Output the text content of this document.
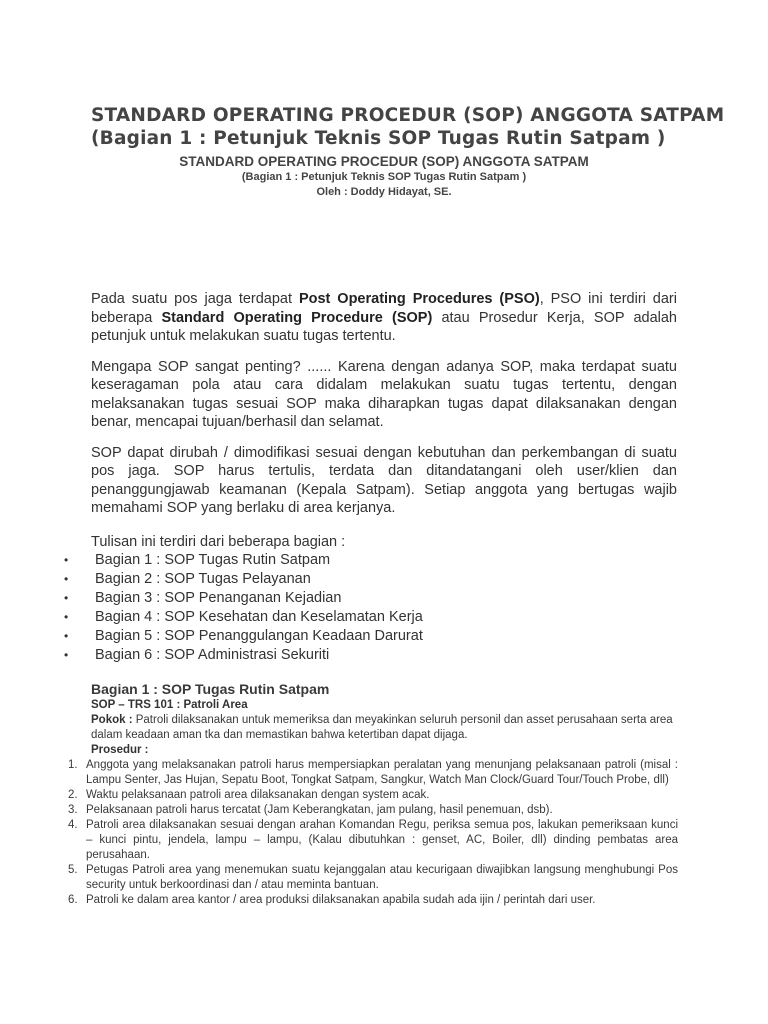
STANDARD OPERATING PROCEDUR (SOP) ANGGOTA SATPAM
(Bagian 1 : Petunjuk Teknis SOP Tugas Rutin Satpam )
STANDARD OPERATING PROCEDUR (SOP) ANGGOTA SATPAM
(Bagian 1 : Petunjuk Teknis SOP Tugas Rutin Satpam )
Oleh : Doddy Hidayat, SE.

Pada suatu pos jaga terdapat Post Operating Procedures (PSO), PSO ini terdiri dari beberapa Standard Operating Procedure (SOP) atau Prosedur Kerja, SOP adalah petunjuk untuk melakukan suatu tugas tertentu.

Mengapa SOP sangat penting? ...... Karena dengan adanya SOP, maka terdapat suatu keseragaman pola atau cara didalam melakukan suatu tugas tertentu, dengan melaksanakan tugas sesuai SOP maka diharapkan tugas dapat dilaksanakan dengan benar, mencapai tujuan/berhasil dan selamat.

SOP dapat dirubah / dimodifikasi sesuai dengan kebutuhan dan perkembangan di suatu pos jaga. SOP harus tertulis, terdata dan ditandatangani oleh user/klien dan penanggungjawab keamanan (Kepala Satpam). Setiap anggota yang bertugas wajib memahami SOP yang berlaku di area kerjanya.

Tulisan ini terdiri dari beberapa bagian :
• Bagian 1 : SOP Tugas Rutin Satpam
• Bagian 2 : SOP Tugas Pelayanan
• Bagian 3 : SOP Penanganan Kejadian
• Bagian 4 : SOP Kesehatan dan Keselamatan Kerja
• Bagian 5 : SOP Penanggulangan Keadaan Darurat
• Bagian 6 : SOP Administrasi Sekuriti
Bagian 1 : SOP Tugas Rutin Satpam
SOP – TRS 101 : Patroli Area
Pokok : Patroli dilaksanakan untuk memeriksa dan meyakinkan seluruh personil dan asset perusahaan serta area dalam keadaan aman tka dan memastikan bahwa ketertiban dapat dijaga.
Prosedur :
1. Anggota yang melaksanakan patroli harus mempersiapkan peralatan yang menunjang pelaksanaan patroli (misal : Lampu Senter, Jas Hujan, Sepatu Boot, Tongkat Satpam, Sangkur, Watch Man Clock/Guard Tour/Touch Probe, dll)
2. Waktu pelaksanaan patroli area dilaksanakan dengan system acak.
3. Pelaksanaan patroli harus tercatat (Jam Keberangkatan, jam pulang, hasil penemuan, dsb).
4. Patroli area dilaksanakan sesuai dengan arahan Komandan Regu, periksa semua pos, lakukan pemeriksaan kunci – kunci pintu, jendela, lampu – lampu, (Kalau dibutuhkan : genset, AC, Boiler, dll) dinding pembatas area perusahaan.
5. Petugas Patroli area yang menemukan suatu kejanggalan atau kecurigaan diwajibkan langsung menghubungi Pos security untuk berkoordinasi dan / atau meminta bantuan.
6. Patroli ke dalam area kantor / area produksi dilaksanakan apabila sudah ada ijin / perintah dari user.
